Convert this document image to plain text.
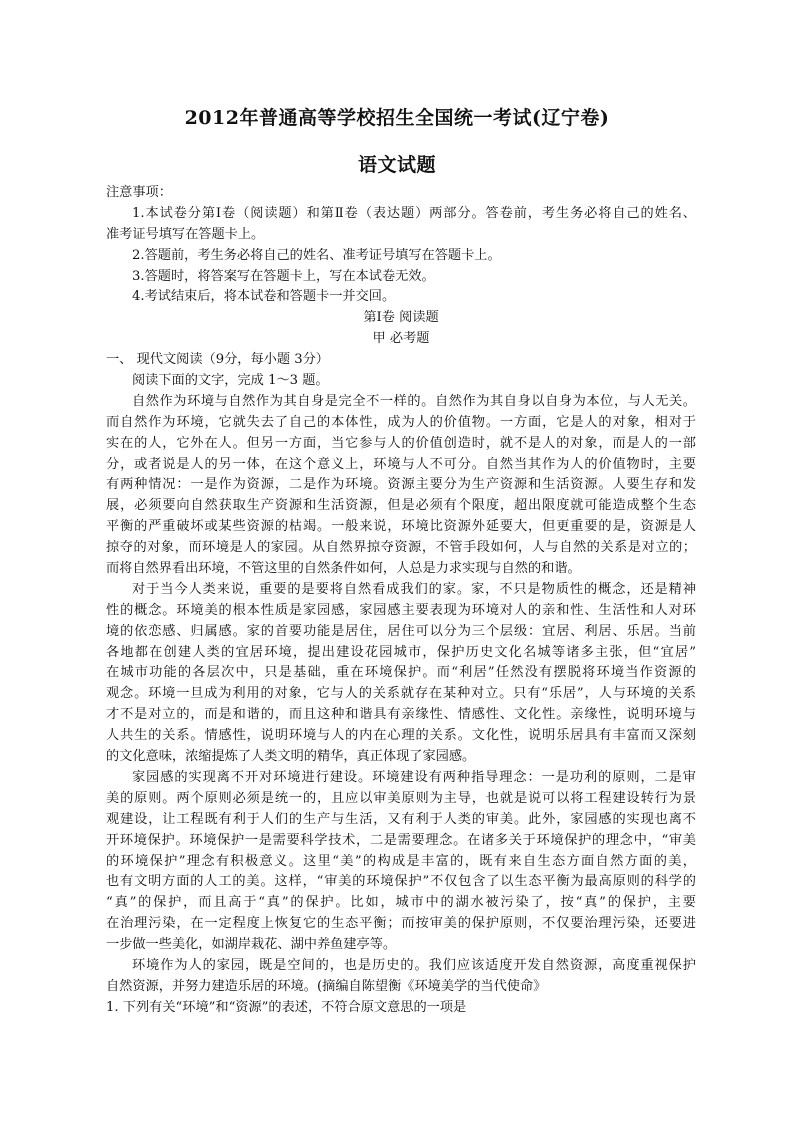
2012年普通高等学校招生全国统一考试(辽宁卷)
语文试题
注意事项：
1.本试卷分第Ⅰ卷（阅读题）和第Ⅱ卷（表达题）两部分。答卷前，考生务必将自己的姓名、
准考证号填写在答题卡上。
2.答题前，考生务必将自己的姓名、准考证号填写在答题卡上。
3.答题时，将答案写在答题卡上，写在本试卷无效。
4.考试结束后，将本试卷和答题卡一并交回。
第Ⅰ卷 阅读题
甲 必考题
一、 现代文阅读（9分，每小题 3分）
阅读下面的文字，完成 1～3 题。
自然作为环境与自然作为其自身是完全不一样的。自然作为其自身以自身为本位，与人无关。
而自然作为环境，它就失去了自己的本体性，成为人的价值物。一方面，它是人的对象，相对于
实在的人，它外在人。但另一方面，当它参与人的价值创造时，就不是人的对象，而是人的一部
分，或者说是人的另一体，在这个意义上，环境与人不可分。自然当其作为人的价值物时，主要
有两种情况：一是作为资源，二是作为环境。资源主要分为生产资源和生活资源。人要生存和发
展，必须要向自然获取生产资源和生活资源，但是必须有个限度，超出限度就可能造成整个生态
平衡的严重破坏或某些资源的枯竭。一般来说，环境比资源外延要大，但更重要的是，资源是人
掠夺的对象，而环境是人的家园。从自然界掠夺资源，不管手段如何，人与自然的关系是对立的；
而将自然界看出环境，不管这里的自然条件如何，人总是力求实现与自然的和谐。
对于当今人类来说，重要的是要将自然看成我们的家。家，不只是物质性的概念，还是精神
性的概念。环境美的根本性质是家园感，家园感主要表现为环境对人的亲和性、生活性和人对环
境的依恋感、归属感。家的首要功能是居住，居住可以分为三个层级：宜居、利居、乐居。当前
各地都在创建人类的宜居环境，提出建设花园城市，保护历史文化名城等诸多主张，但“宜居”
在城市功能的各层次中，只是基础，重在环境保护。而“利居”任然没有摆脱将环境当作资源的
观念。环境一旦成为利用的对象，它与人的关系就存在某种对立。只有“乐居”，人与环境的关系
才不是对立的，而是和谐的，而且这种和谐具有亲缘性、情感性、文化性。亲缘性，说明环境与
人共生的关系。情感性，说明环境与人的内在心理的关系。文化性，说明乐居具有丰富而又深刻
的文化意味，浓缩提炼了人类文明的精华，真正体现了家园感。
家园感的实现离不开对环境进行建设。环境建设有两种指导理念：一是功利的原则，二是审
美的原则。两个原则必须是统一的，且应以审美原则为主导，也就是说可以将工程建设转行为景
观建设，让工程既有利于人们的生产与生活，又有利于人类的审美。此外，家园感的实现也离不
开环境保护。环境保护一是需要科学技术，二是需要理念。在诸多关于环境保护的理念中，“审美
的环境保护”理念有积极意义。这里“美”的构成是丰富的，既有来自生态方面自然方面的美，
也有文明方面的人工的美。这样，“审美的环境保护”不仅包含了以生态平衡为最高原则的科学的
“真”的保护，而且高于“真”的保护。比如，城市中的湖水被污染了，按“真”的保护，主要
在治理污染，在一定程度上恢复它的生态平衡；而按审美的保护原则，不仅要治理污染，还要进
一步做一些美化，如湖岸栽花、湖中养鱼建亭等。
环境作为人的家园，既是空间的，也是历史的。我们应该适度开发自然资源，高度重视保护
自然资源，并努力建造乐居的环境。(摘编自陈望衡《环境美学的当代使命》
1. 下列有关“环境”和“资源”的表述，不符合原文意思的一项是
